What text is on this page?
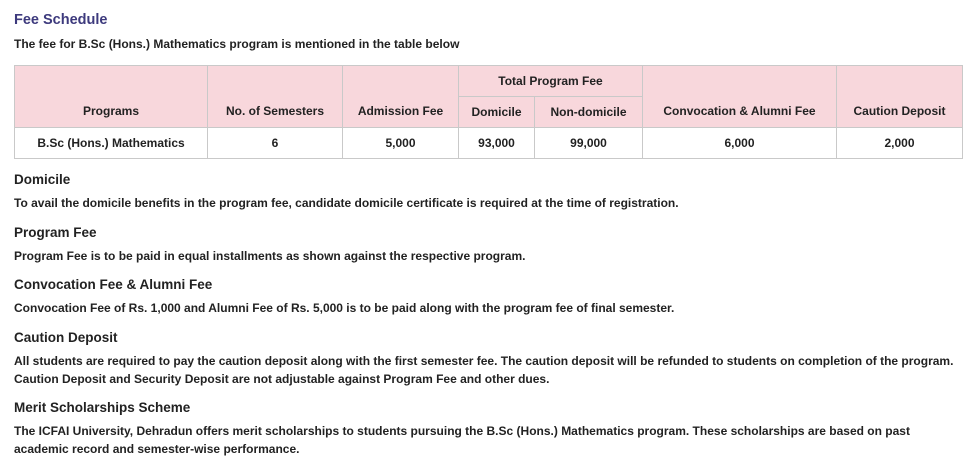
Fee Schedule

The fee for B.Sc (Hons.) Mathematics program is mentioned in the table below

Programs	No. of Semesters	Admission Fee	Total Program Fee		Convocation & Alumni Fee	Caution Deposit
			Domicile	Non-domicile		
B.Sc (Hons.) Mathematics	6	5,000	93,000	99,000	6,000	2,000
Domicile

To avail the domicile benefits in the program fee, candidate domicile certificate is required at the time of registration.

Program Fee

Program Fee is to be paid in equal installments as shown against the respective program.

Convocation Fee & Alumni Fee

Convocation Fee of Rs. 1,000 and Alumni Fee of Rs. 5,000 is to be paid along with the program fee of final semester.

Caution Deposit

All students are required to pay the caution deposit along with the first semester fee. The caution deposit will be refunded to students on completion of the program. Caution Deposit and Security Deposit are not adjustable against Program Fee and other dues.

Merit Scholarships Scheme

The ICFAI University, Dehradun offers merit scholarships to students pursuing the B.Sc (Hons.) Mathematics program. These scholarships are based on past academic record and semester-wise performance.
